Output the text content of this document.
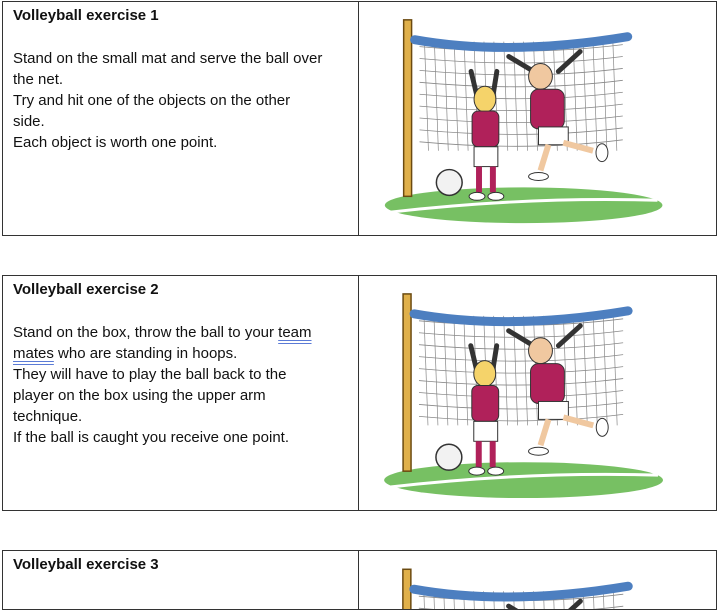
Volleyball exercise 1

Stand on the small mat and serve the ball over

the net.

Try and hit one of the objects on the other

side.

Each object is worth one point.

Volleyball exercise 2

Stand on the box, throw the ball to your team

mates who are standing in hoops.

They will have to play the ball back to the

player on the box using the upper arm

technique.

If the ball is caught you receive one point.

Volleyball exercise 3
